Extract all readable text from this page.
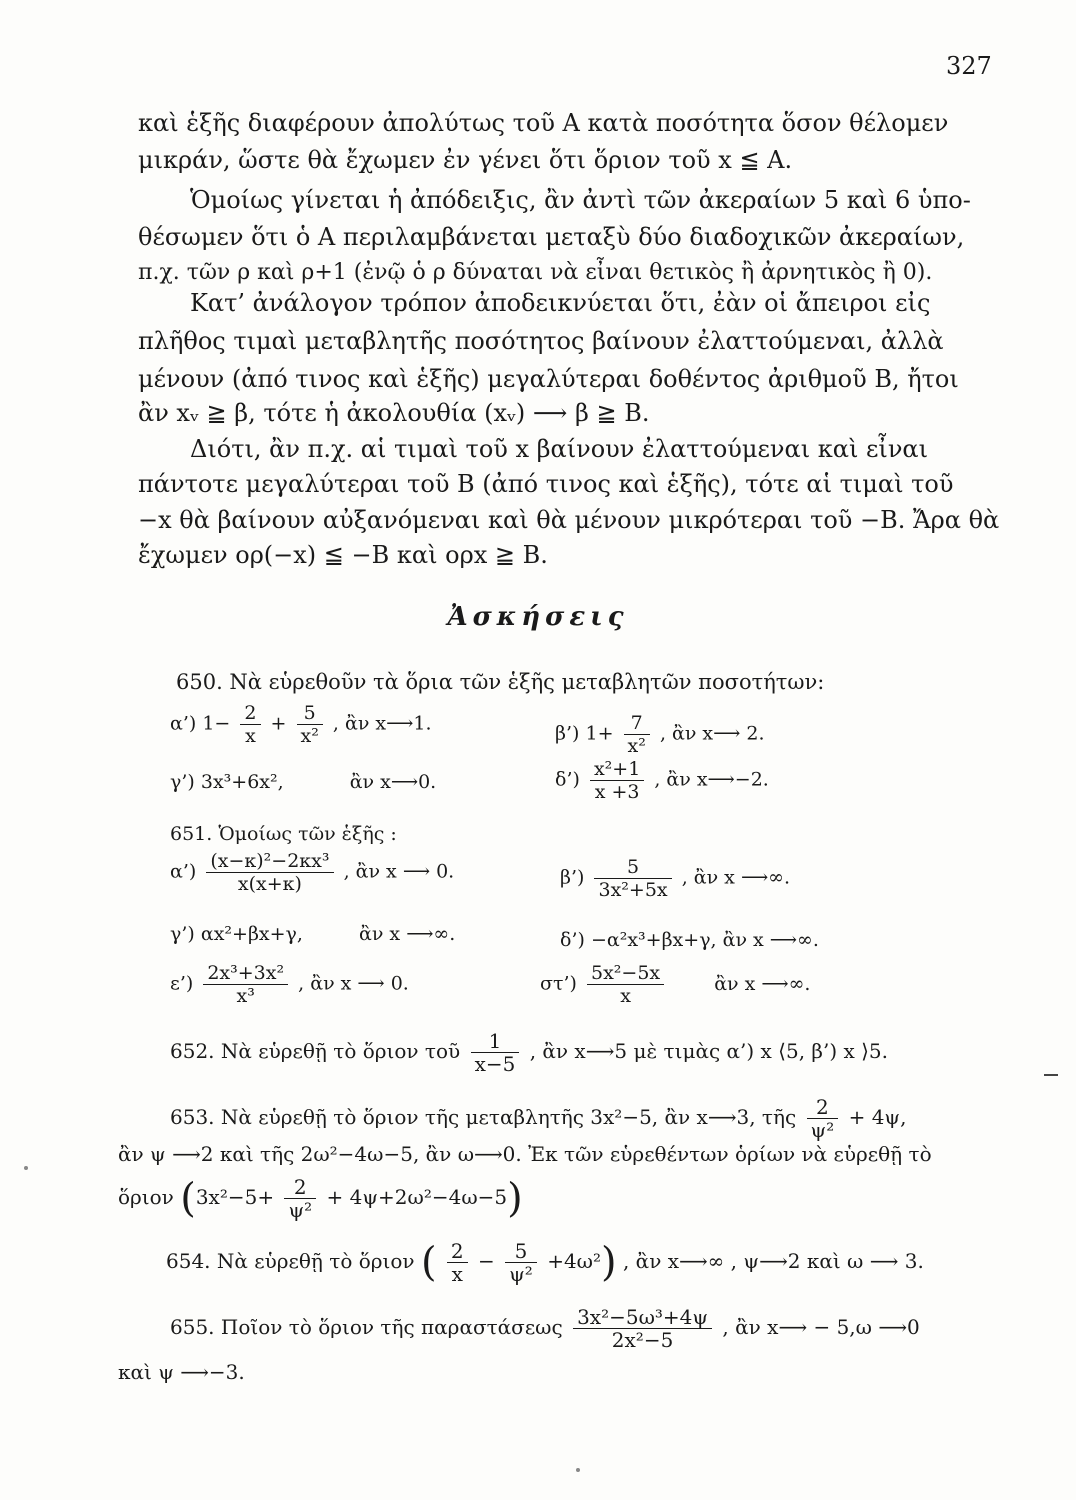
327
καὶ ἑξῆς διαφέρουν ἀπολύτως τοῦ Α κατὰ ποσότητα ὅσον θέλομεν
μικράν, ὥστε θὰ ἔχωμεν ἐν γένει ὅτι ὅριον τοῦ x ≦ A.
Ὁμοίως γίνεται ἡ ἀπόδειξις, ἂν ἀντὶ τῶν ἀκεραίων 5 καὶ 6 ὑπο-
θέσωμεν ὅτι ὁ Α περιλαμβάνεται μεταξὺ δύο διαδοχικῶν ἀκεραίων,
π.χ. τῶν ρ καὶ ρ+1 (ἐνῷ ὁ ρ δύναται νὰ εἶναι θετικὸς ἢ ἀρνητικὸς ἢ 0).
Κατ’ ἀνάλογον τρόπον ἀποδεικνύεται ὅτι, ἐὰν οἱ ἄπειροι εἰς
πλῆθος τιμαὶ μεταβλητῆς ποσότητος βαίνουν ἐλαττούμεναι, ἀλλὰ
μένουν (ἀπό τινος καὶ ἑξῆς) μεγαλύτεραι δοθέντος ἀριθμοῦ Β, ἤτοι
ἂν xᵥ ≧ β, τότε ἡ ἀκολουθία (xᵥ) ⟶ β ≧ B.
Διότι, ἂν π.χ. αἱ τιμαὶ τοῦ x βαίνουν ἐλαττούμεναι καὶ εἶναι
πάντοτε μεγαλύτεραι τοῦ Β (ἀπό τινος καὶ ἑξῆς), τότε αἱ τιμαὶ τοῦ
−x θὰ βαίνουν αὐξανόμεναι καὶ θὰ μένουν μικρότεραι τοῦ −Β. Ἄρα θὰ
ἔχωμεν ορ(−x) ≦ −B καὶ ορx ≧ B.
Ἀσκήσεις
650. Νὰ εὑρεθοῦν τὰ ὅρια τῶν ἑξῆς μεταβλητῶν ποσοτήτων:
α’) $1- \frac{2}{x} + \frac{5}{\text{x²}}$ , ἂν x⟶1.	β’) $1+ \frac{7}{\text{x²}}$ , ἂν x⟶ 2.
γ’) 3x³+6x²,	ἂν x⟶0.	δ’) $\frac{\text{x²+1}}{x +3}$ , ἂν x⟶−2.
651. Ὁμοίως τῶν ἑξῆς :
α’) $\frac{\text{(x−κ)²−2κx³}}{x(x+\kappa)}$ , ἂν x ⟶ 0.	β’) $\frac{5}{\text{3x²+5x}}$ , ἂν x ⟶∞.
γ’) αx²+βx+γ,	ἂν x ⟶∞.	δ’) −α²x³+βx+γ, ἂν x ⟶∞.
ε’) $\frac{\text{2x³+3x²}}{\text{x³}}$ , ἂν x ⟶ 0.	στ’) $\frac{\text{5x²−5x}}{x}$	ἂν x ⟶∞.
652. Νὰ εὑρεθῇ τὸ ὅριον τοῦ $\frac{1}{x-5}$ , ἂν x⟶5 μὲ τιμὰς α’) x ⟨5, β’) x ⟩5.
653. Νὰ εὑρεθῇ τὸ ὅριον τῆς μεταβλητῆς 3x²−5, ἂν x⟶3, τῆς $\frac{2}{\text{ψ²}} + 4\psi$,
ἂν ψ ⟶2 καὶ τῆς 2ω²−4ω−5, ἂν ω⟶0. Ἐκ τῶν εὑρεθέντων ὁρίων νὰ εὑρεθῇ τὸ
ὅριον $(3x^2-5+ \frac{2}{\text{ψ²}} + 4\psi+2\omega^2-4\omega-5)$
654. Νὰ εὑρεθῇ τὸ ὅριον ( $\frac{2}{x} - \frac{5}{\text{ψ²}} +4\omega^2$) , ἂν x⟶∞ , ψ⟶2 καὶ ω ⟶ 3.
655. Ποῖον τὸ ὅριον τῆς παραστάσεως $\frac{\text{3x²−5ω³+4ψ}}{\text{2x²−5}}$ , ἂν x⟶ − 5,ω ⟶0
καὶ ψ ⟶−3.
